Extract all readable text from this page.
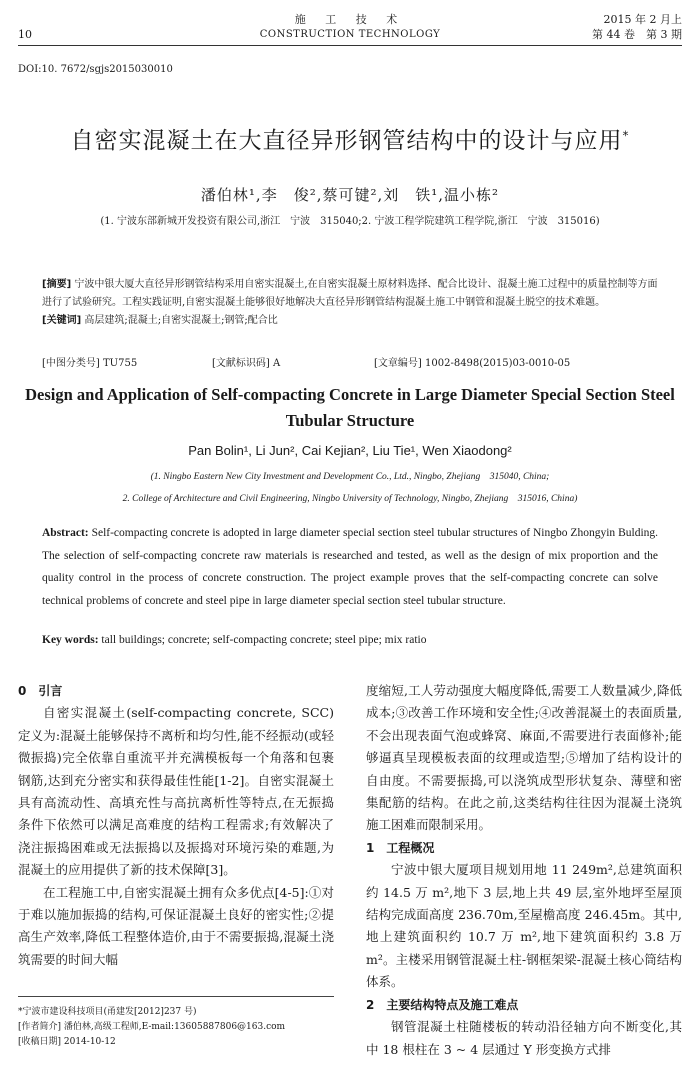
10
施 工 技 术
CONSTRUCTION TECHNOLOGY
2015 年 2 月上
第 44 卷　第 3 期
DOI:10. 7672/sgjs2015030010
自密实混凝土在大直径异形钢管结构中的设计与应用*
潘伯林¹,李　俊²,蔡可键²,刘　铁¹,温小栋²
(1. 宁波东部新城开发投资有限公司,浙江　宁波　315040;2. 宁波工程学院建筑工程学院,浙江　宁波　315016)
[摘要] 宁波中银大厦大直径异形钢管结构采用自密实混凝土,在自密实混凝土原材料选择、配合比设计、混凝土施工过程中的质量控制等方面进行了试验研究。工程实践证明,自密实混凝土能够很好地解决大直径异形钢管结构混凝土施工中钢管和混凝土脱空的技术难题。
[关键词] 高层建筑;混凝土;自密实混凝土;钢管;配合比
[中图分类号] TU755	[文献标识码] A	[文章编号] 1002-8498(2015)03-0010-05
Design and Application of Self-compacting Concrete in Large Diameter Special Section Steel Tubular Structure
Pan Bolin¹, Li Jun², Cai Kejian², Liu Tie¹, Wen Xiaodong²
(1. Ningbo Eastern New City Investment and Development Co., Ltd., Ningbo, Zhejiang　315040, China;
2. College of Architecture and Civil Engineering, Ningbo University of Technology, Ningbo, Zhejiang　315016, China)
Abstract: Self-compacting concrete is adopted in large diameter special section steel tubular structures of Ningbo Zhongyin Bulding. The selection of self-compacting concrete raw materials is researched and tested, as well as the design of mix proportion and the quality control in the process of concrete construction. The project example proves that the self-compacting concrete can solve technical problems of concrete and steel pipe in large diameter special section steel tubular structure.
Key words: tall buildings; concrete; self-compacting concrete; steel pipe; mix ratio
0　引言

自密实混凝土(self-compacting concrete, SCC)定义为:混凝土能够保持不离析和均匀性,能不经振动(或轻微振捣)完全依靠自重流平并充满模板每一个角落和包裹钢筋,达到充分密实和获得最佳性能[1-2]。自密实混凝土具有高流动性、高填充性与高抗离析性等特点,在无振捣条件下依然可以满足高难度的结构工程需求;有效解决了浇注振捣困难或无法振捣以及振捣对环境污染的难题,为混凝土的应用提供了新的技术保障[3]。

在工程施工中,自密实混凝土拥有众多优点[4-5]:①对于难以施加振捣的结构,可保证混凝土良好的密实性;②提高生产效率,降低工程整体造价,由于不需要振捣,混凝土浇筑需要的时间大幅

度缩短,工人劳动强度大幅度降低,需要工人数量减少,降低成本;③改善工作环境和安全性;④改善混凝土的表面质量,不会出现表面气泡或蜂窝、麻面,不需要进行表面修补;能够逼真呈现模板表面的纹理或造型;⑤增加了结构设计的自由度。不需要振捣,可以浇筑成型形状复杂、薄壁和密集配筋的结构。在此之前,这类结构往往因为混凝土浇筑施工困难而限制采用。

1　工程概况

宁波中银大厦项目规划用地 11 249m²,总建筑面积约 14.5 万 m²,地下 3 层,地上共 49 层,室外地坪至屋顶结构完成面高度 236.70m,至屋檐高度 246.45m。其中,地上建筑面积约 10.7 万 m²,地下建筑面积约 3.8 万 m²。主楼采用钢管混凝土柱-钢框架梁-混凝土核心筒结构体系。

2　主要结构特点及施工难点

钢管混凝土柱随楼板的转动沿径轴方向不断变化,其中 18 根柱在 3 ~ 4 层通过 Y 形变换方式排

*宁波市建设科技项目(甬建发[2012]237 号)
[作者简介] 潘伯林,高级工程师,E-mail:13605887806@163.com
[收稿日期] 2014-10-12
